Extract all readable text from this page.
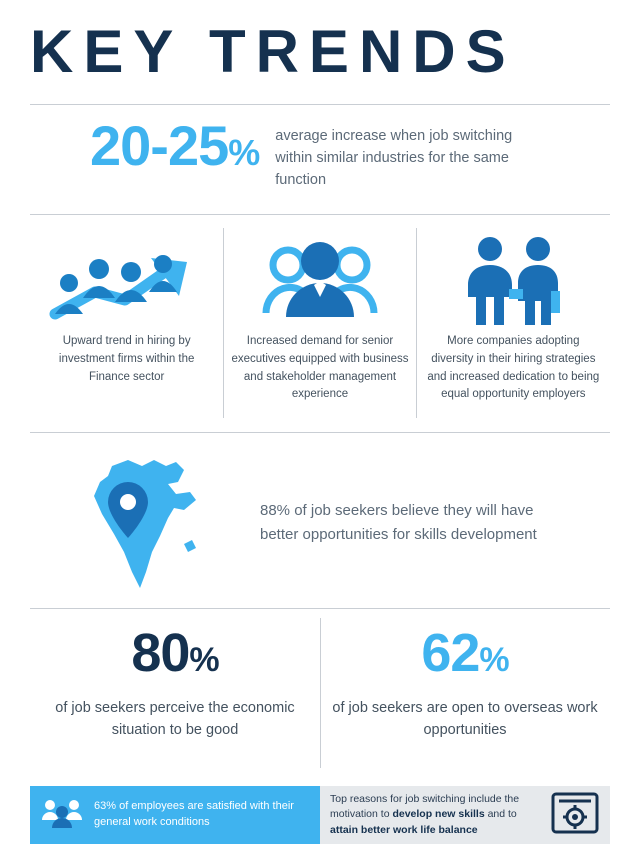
KEY TRENDS
20-25% average increase when job switching within similar industries for the same function
Upward trend in hiring by investment firms within the Finance sector
Increased demand for senior executives equipped with business and stakeholder management experience
More companies adopting diversity in their hiring strategies and increased dedication to being equal opportunity employers
88% of job seekers believe they will have better opportunities for skills development
80%
of job seekers perceive the economic situation to be good
62%
of job seekers are open to overseas work opportunities
63% of employees are satisfied with their general work conditions
Top reasons for job switching include the motivation to develop new skills and to attain better work life balance
